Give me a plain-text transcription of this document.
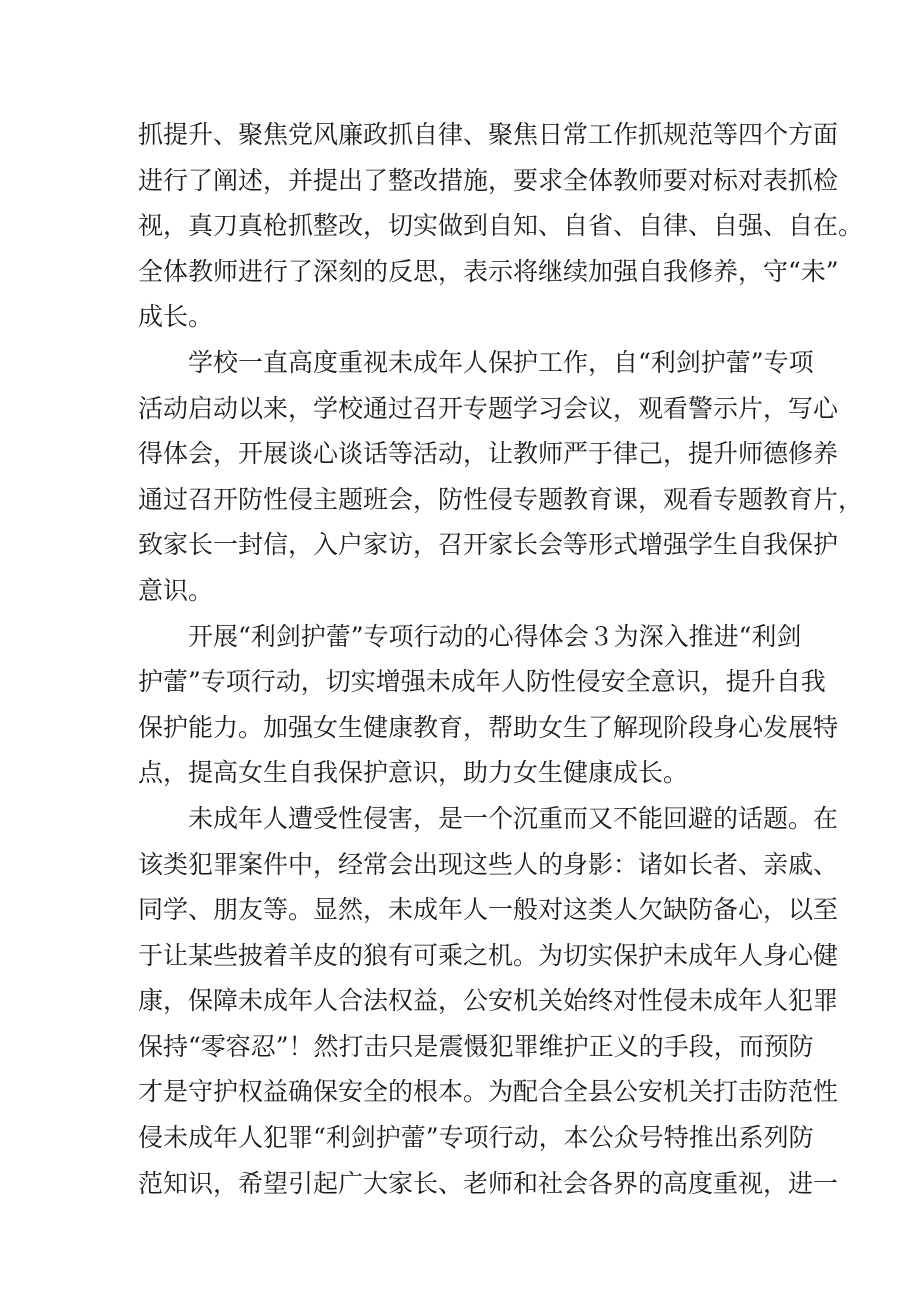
抓提升、聚焦党风廉政抓自律、聚焦日常工作抓规范等四个方面
进行了阐述，并提出了整改措施，要求全体教师要对标对表抓检
视，真刀真枪抓整改，切实做到自知、自省、自律、自强、自在。
全体教师进行了深刻的反思，表示将继续加强自我修养，守“未”
成长。
学校一直高度重视未成年人保护工作，自“利剑护蕾”专项
活动启动以来，学校通过召开专题学习会议，观看警示片，写心
得体会，开展谈心谈话等活动，让教师严于律己，提升师德修养
通过召开防性侵主题班会，防性侵专题教育课，观看专题教育片，
致家长一封信，入户家访，召开家长会等形式增强学生自我保护
意识。
开展“利剑护蕾”专项行动的心得体会３为深入推进“利剑
护蕾”专项行动，切实增强未成年人防性侵安全意识，提升自我
保护能力。加强女生健康教育，帮助女生了解现阶段身心发展特
点，提高女生自我保护意识，助力女生健康成长。
未成年人遭受性侵害，是一个沉重而又不能回避的话题。在
该类犯罪案件中，经常会出现这些人的身影：诸如长者、亲戚、
同学、朋友等。显然，未成年人一般对这类人欠缺防备心，以至
于让某些披着羊皮的狼有可乘之机。为切实保护未成年人身心健
康，保障未成年人合法权益，公安机关始终对性侵未成年人犯罪
保持“零容忍”！然打击只是震慑犯罪维护正义的手段，而预防
才是守护权益确保安全的根本。为配合全县公安机关打击防范性
侵未成年人犯罪“利剑护蕾”专项行动，本公众号特推出系列防
范知识，希望引起广大家长、老师和社会各界的高度重视，进一
